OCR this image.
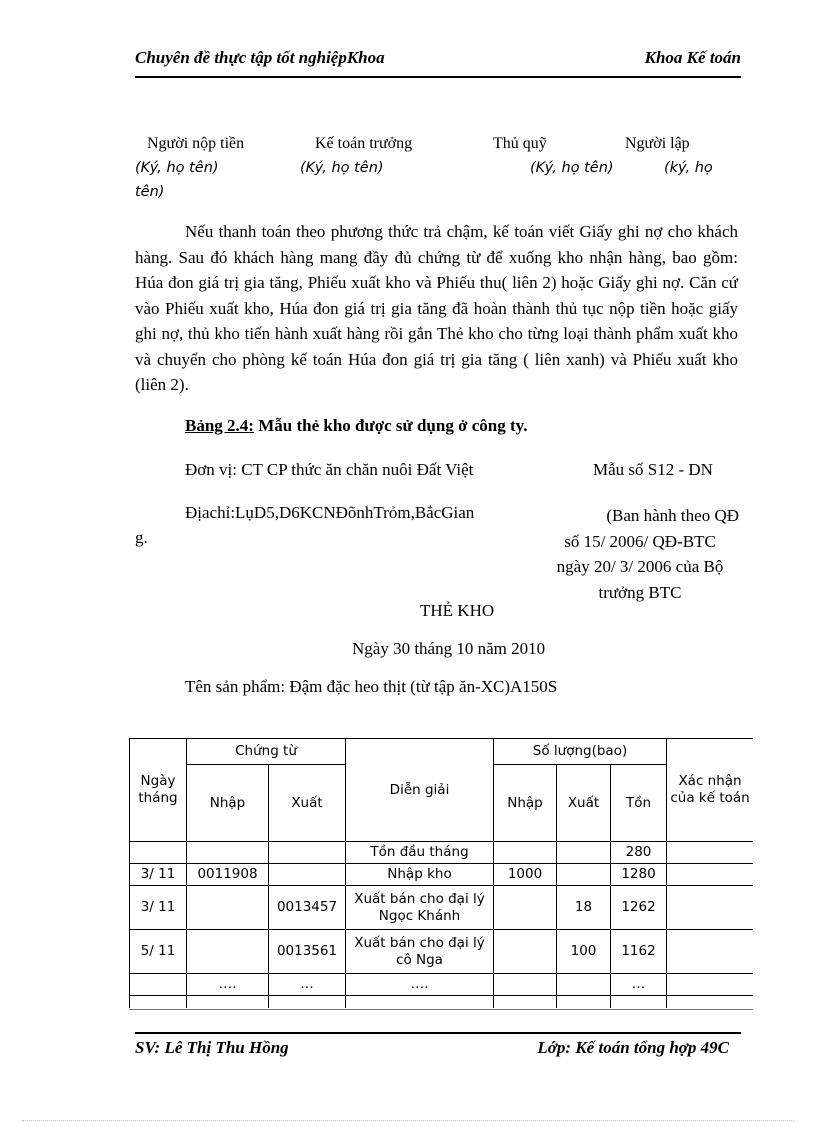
Chuyên đề thực tập tốt nghiệpKhoa	Khoa Kế toán
Người nộp tiền	Kế toán trưởng	Thủ quỹ	Người lập
(Ký, họ tên)	(Ký, họ tên)	(Ký, họ tên)	(ký, họ
tên)

Nếu thanh toán theo phương thức trả chậm, kế toán viết Giấy ghi nợ cho khách hàng. Sau đó khách hàng mang đầy đủ chứng từ để xuống kho nhận hàng, bao gồm: Húa đon giá trị gia tăng, Phiếu xuất kho và Phiếu thu( liên 2) hoặc Giấy ghi nợ. Căn cứ vào Phiếu xuất kho, Húa đon giá trị gia tăng đã hoàn thành thủ tục nộp tiền hoặc giấy ghi nợ, thủ kho tiến hành xuất hàng rồi gắn Thẻ kho cho từng loại thành phẩm xuất kho và chuyển cho phòng kế toán Húa đon giá trị gia tăng ( liên xanh) và Phiếu xuất kho (liên 2).

Bảng 2.4: Mẫu thẻ kho được sử dụng ở công ty.
Đơn vị: CT CP thức ăn chăn nuôi Đất Việt	Mẫu số S12 - DN
Địachỉ:LụD5,D6KCNĐõnhTrỏm,BắcGian
g.
(Ban hành theo QĐ
số 15/ 2006/ QĐ-BTC
ngày 20/ 3/ 2006 của Bộ
trưởng BTC
THẺ KHO
Ngày 30 tháng 10 năm 2010
Tên sản phẩm: Đậm đặc heo thịt (từ tập ăn-XC)A150S
Ngày tháng	Chứng từ		Diễn giải	Số lượng(bao)			Xác nhận của kế toán
	Nhập	Xuất		Nhập	Xuất	Tồn	
			Tồn đầu tháng			280	
3/ 11	0011908		Nhập kho	1000		1280	
3/ 11		0013457	Xuất bán cho đại lý Ngọc Khánh		18	1262	
5/ 11		0013561	Xuất bán cho đại lý cô Nga		100	1162	
	….	…	….			…	

SV: Lê Thị Thu Hồng	Lớp: Kế toán tổng hợp 49C
